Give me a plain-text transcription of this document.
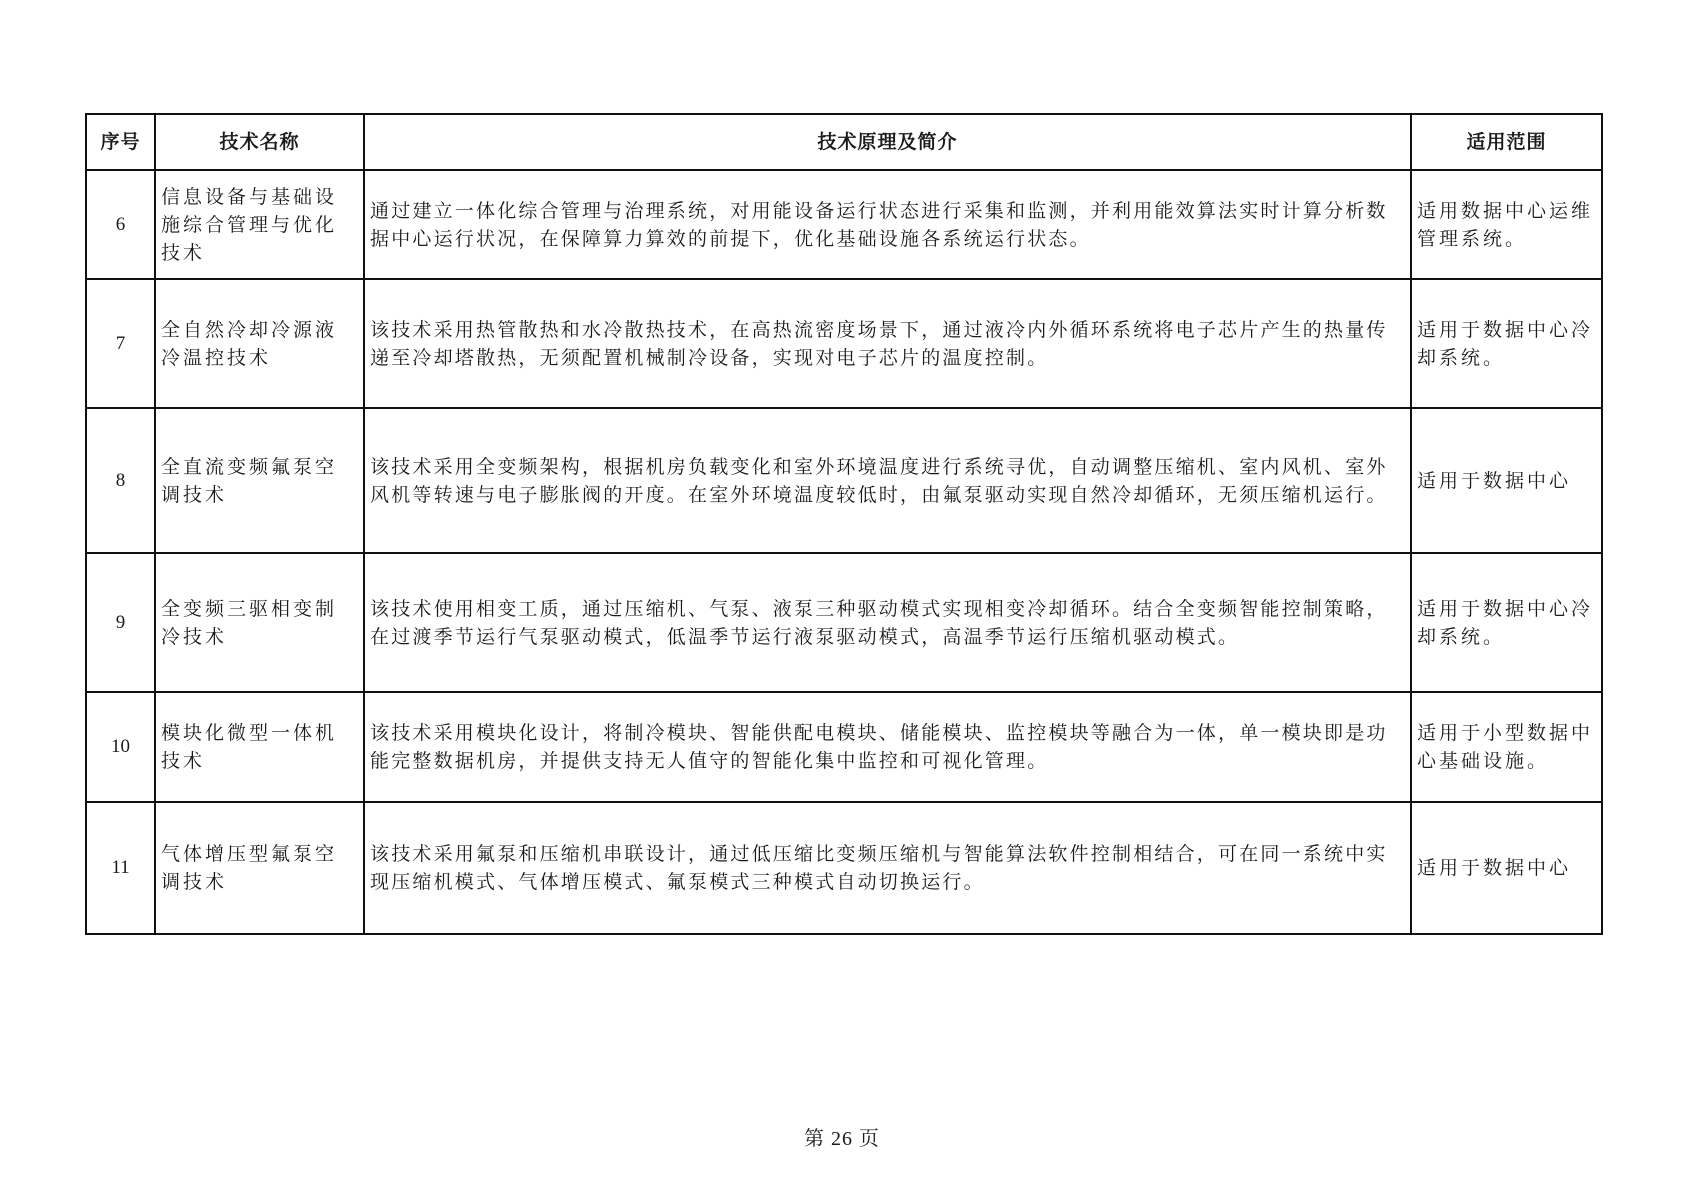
序号	技术名称	技术原理及简介	适用范围
6	信息设备与基础设施综合管理与优化技术	通过建立一体化综合管理与治理系统，对用能设备运行状态进行采集和监测，并利用能效算法实时计算分析数据中心运行状况，在保障算力算效的前提下，优化基础设施各系统运行状态。	适用数据中心运维管理系统。
7	全自然冷却冷源液冷温控技术	该技术采用热管散热和水冷散热技术，在高热流密度场景下，通过液冷内外循环系统将电子芯片产生的热量传递至冷却塔散热，无须配置机械制冷设备，实现对电子芯片的温度控制。	适用于数据中心冷却系统。
8	全直流变频氟泵空调技术	该技术采用全变频架构，根据机房负载变化和室外环境温度进行系统寻优，自动调整压缩机、室内风机、室外风机等转速与电子膨胀阀的开度。在室外环境温度较低时，由氟泵驱动实现自然冷却循环，无须压缩机运行。	适用于数据中心
9	全变频三驱相变制冷技术	该技术使用相变工质，通过压缩机、气泵、液泵三种驱动模式实现相变冷却循环。结合全变频智能控制策略，在过渡季节运行气泵驱动模式，低温季节运行液泵驱动模式，高温季节运行压缩机驱动模式。	适用于数据中心冷却系统。
10	模块化微型一体机技术	该技术采用模块化设计，将制冷模块、智能供配电模块、储能模块、监控模块等融合为一体，单一模块即是功能完整数据机房，并提供支持无人值守的智能化集中监控和可视化管理。	适用于小型数据中心基础设施。
11	气体增压型氟泵空调技术	该技术采用氟泵和压缩机串联设计，通过低压缩比变频压缩机与智能算法软件控制相结合，可在同一系统中实现压缩机模式、气体增压模式、氟泵模式三种模式自动切换运行。	适用于数据中心
第 26 页
